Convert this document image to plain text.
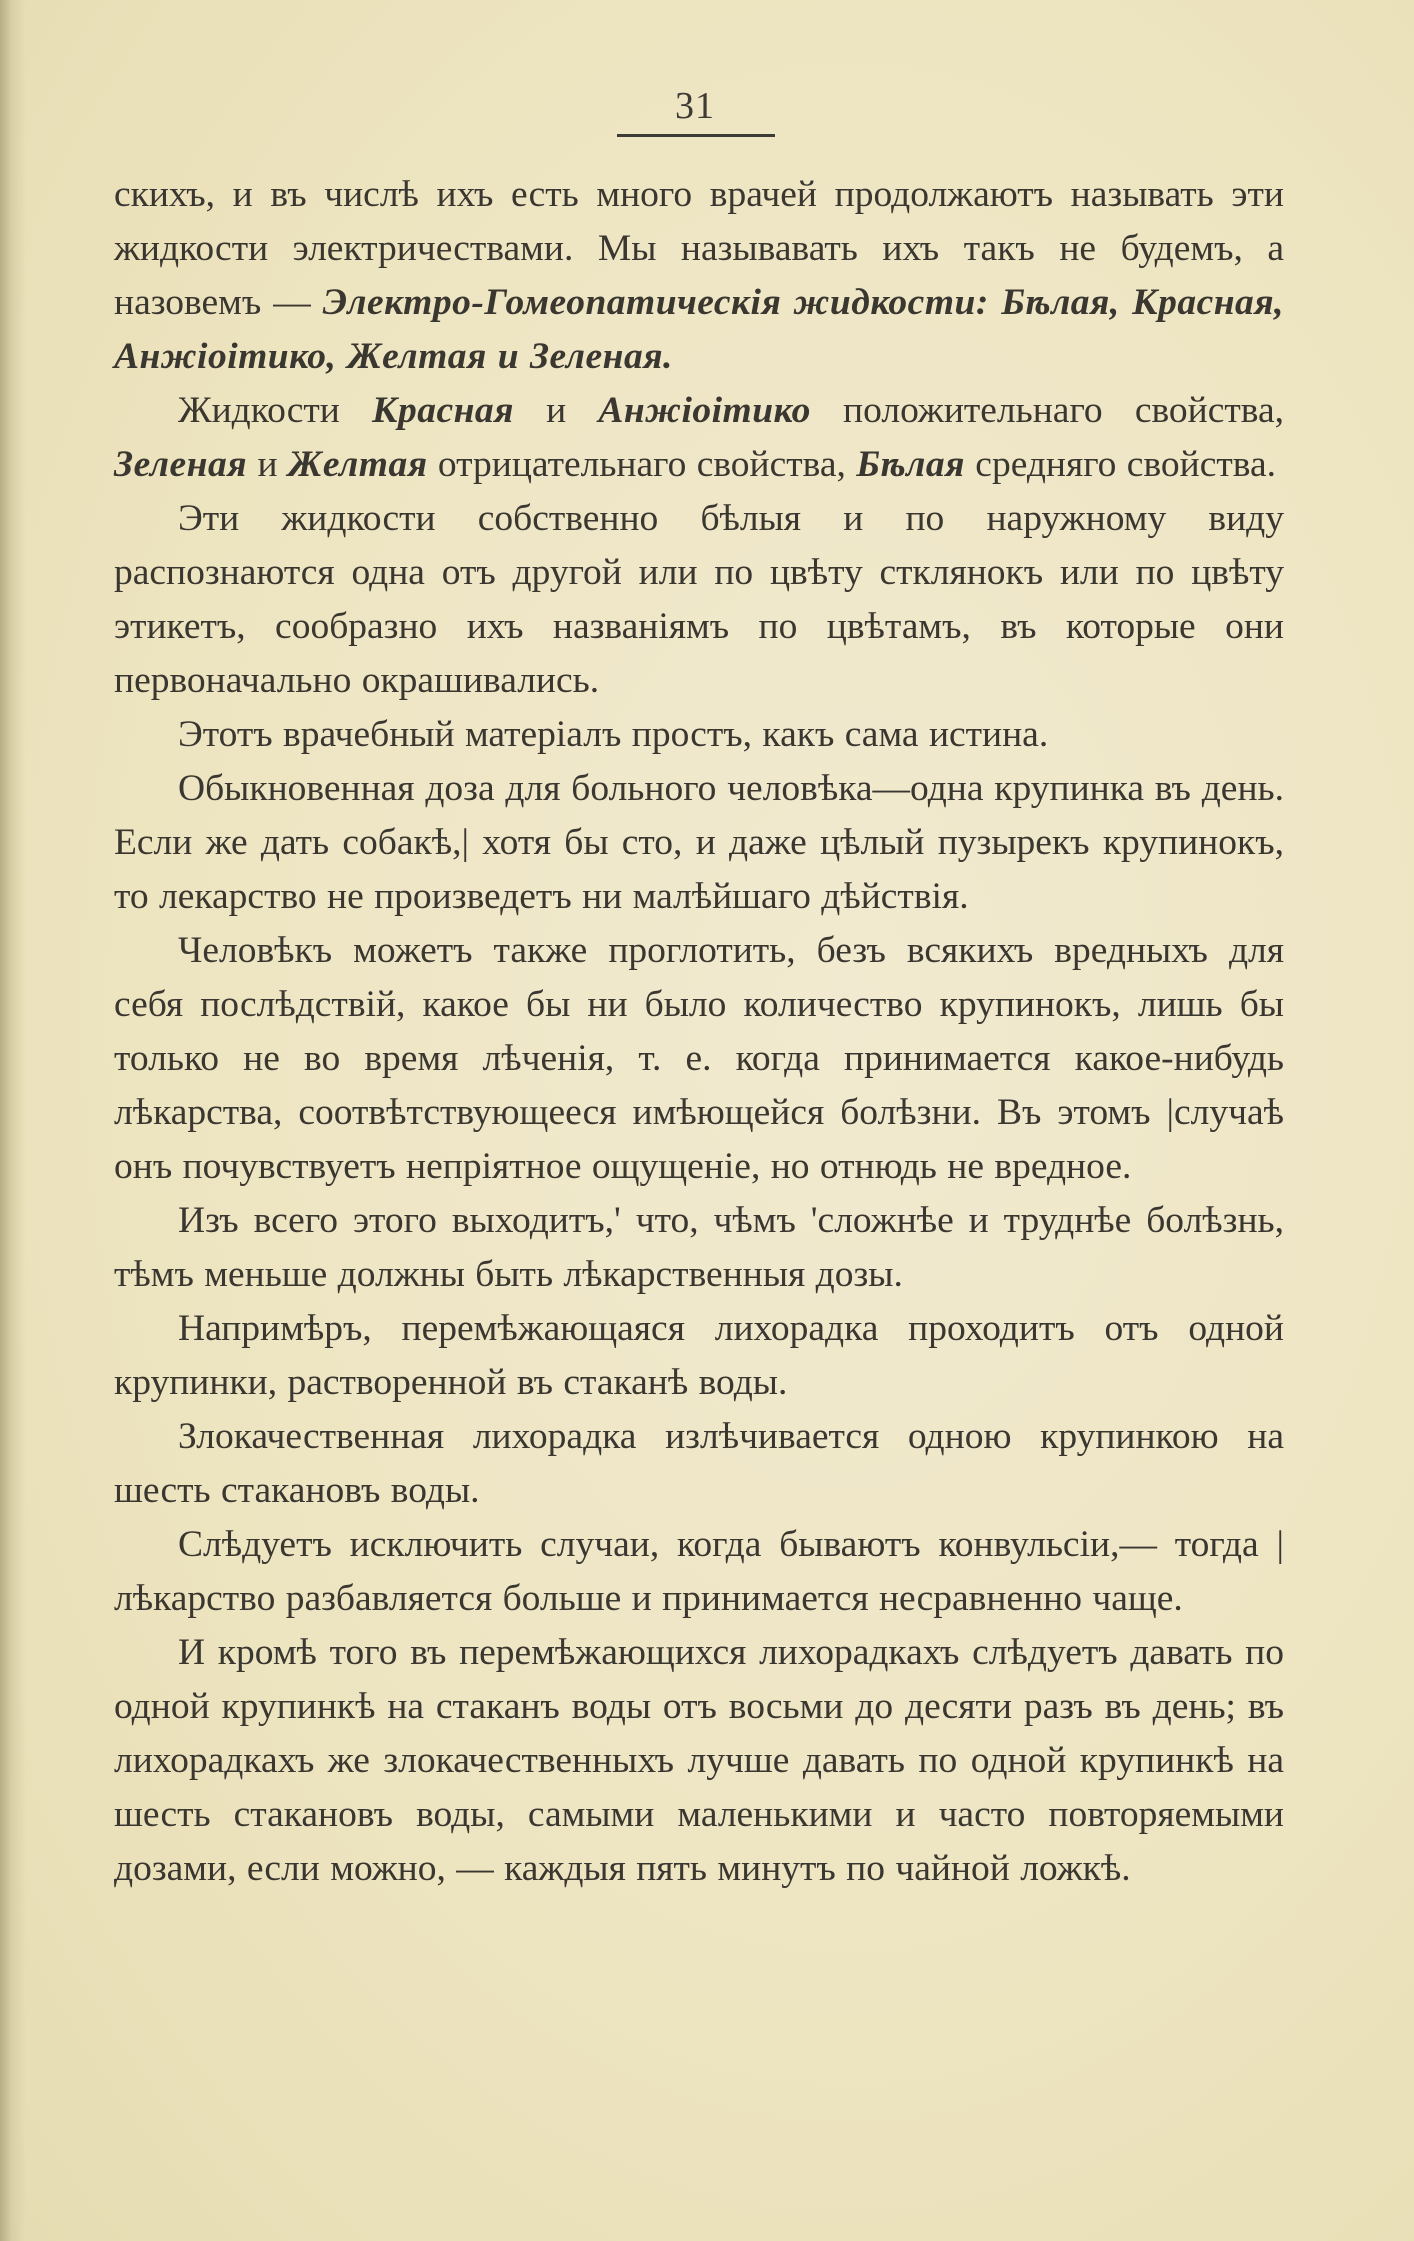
31

скихъ, и въ числѣ ихъ есть много врачей продолжаютъ называть эти жидкости электричествами. Мы называвать ихъ такъ не будемъ, а назовемъ — Электро-Гомеопатическія жидкости: Бѣлая, Красная, Анжіоітико, Желтая и Зеленая.

Жидкости Красная и Анжіоітико положительнаго свойства, Зеленая и Желтая отрицательнаго свойства, Бѣлая средняго свойства.

Эти жидкости собственно бѣлыя и по наружному виду распознаются одна отъ другой или по цвѣту стклянокъ или по цвѣту этикетъ, сообразно ихъ названіямъ по цвѣтамъ, въ которые они первоначально окрашивались.

Этотъ врачебный матеріалъ простъ, какъ сама истина.

Обыкновенная доза для больного человѣка—одна крупинка въ день. Если же дать собакѣ,| хотя бы сто, и даже цѣлый пузырекъ крупинокъ, то лекарство не произведетъ ни малѣйшаго дѣйствія.

Человѣкъ можетъ также проглотить, безъ всякихъ вредныхъ для себя послѣдствій, какое бы ни было количество крупинокъ, лишь бы только не во время лѣченія, т. е. когда принимается какое-нибудь лѣкарства, соотвѣтствующееся имѣющейся болѣзни. Въ этомъ |случаѣ онъ почувствуетъ непріятное ощущеніе, но отнюдь не вредное.

Изъ всего этого выходитъ,' что, чѣмъ 'сложнѣе и труднѣе болѣзнь, тѣмъ меньше должны быть лѣкарственныя дозы.

Напримѣръ, перемѣжающаяся лихорадка проходитъ отъ одной крупинки, растворенной въ стаканѣ воды.

Злокачественная лихорадка излѣчивается одною крупинкою на шесть стакановъ воды.

Слѣдуетъ исключить случаи, когда бываютъ конвульсіи,— тогда |лѣкарство разбавляется больше и принимается несравненно чаще.

И кромѣ того въ перемѣжающихся лихорадкахъ слѣдуетъ давать по одной крупинкѣ на стаканъ воды отъ восьми до десяти разъ въ день; въ лихорадкахъ же злокачественныхъ лучше давать по одной крупинкѣ на шесть стакановъ воды, самыми маленькими и часто повторяемыми дозами, если можно, — каждыя пять минутъ по чайной ложкѣ.
